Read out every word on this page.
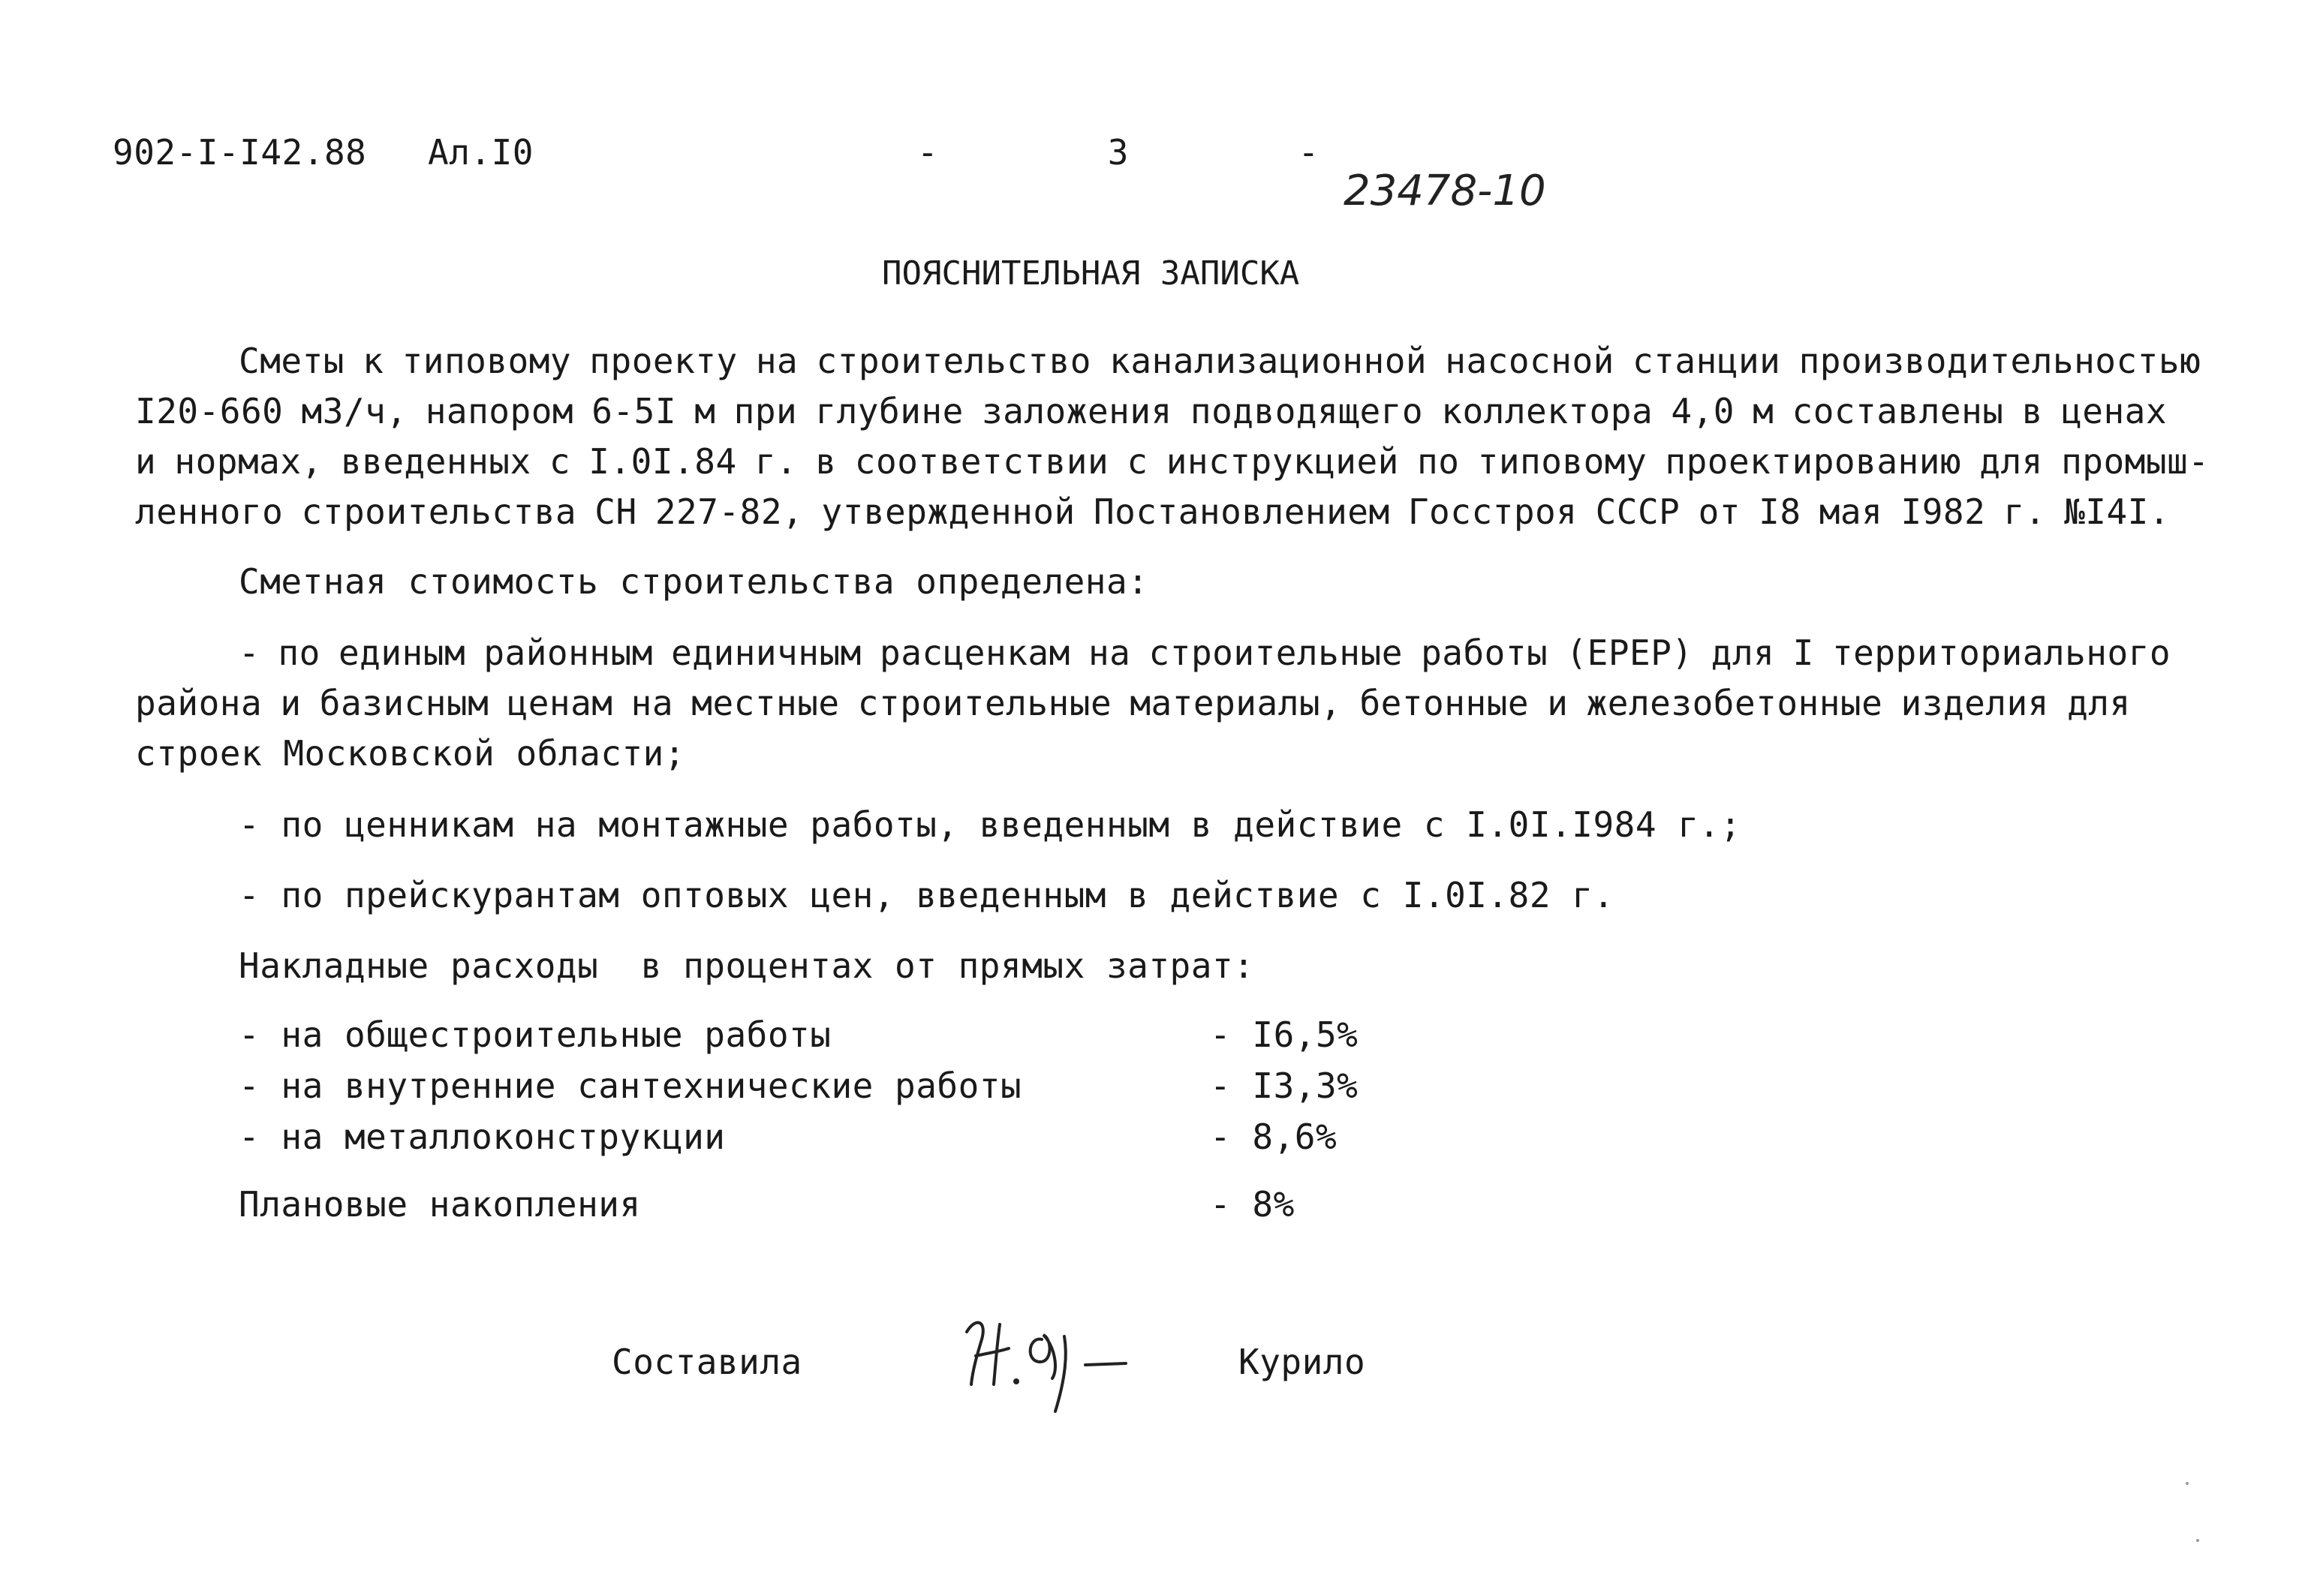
902-I-I42.88 Ал.I0	-        3        -
23478-10
ПОЯСНИТЕЛЬНАЯ ЗАПИСКА
Сметы к типовому проекту на строительство канализационной насосной станции производительностью
I20-660 м3/ч, напором 6-5I м при глубине заложения подводящего коллектора 4,0 м составлены в ценах
и нормах, введенных с I.0I.84 г. в соответствии с инструкцией по типовому проектированию для промыш-
ленного строительства СН 227-82, утвержденной Постановлением Госстроя СССР от I8 мая I982 г. №I4I.
Сметная стоимость строительства определена:
- по единым районным единичным расценкам на строительные работы (ЕРЕР) для I территориального
района и базисным ценам на местные строительные материалы, бетонные и железобетонные изделия для
строек Московской области;
- по ценникам на монтажные работы, введенным в действие с I.0I.I984 г.;
- по прейскурантам оптовых цен, введенным в действие с I.0I.82 г.
Накладные расходы  в процентах от прямых затрат:
- на общестроительные работы	- I6,5%
- на внутренние сантехнические работы	- I3,3%
- на металлоконструкции	- 8,6%
Плановые накопления	- 8%
Составила	Курило
